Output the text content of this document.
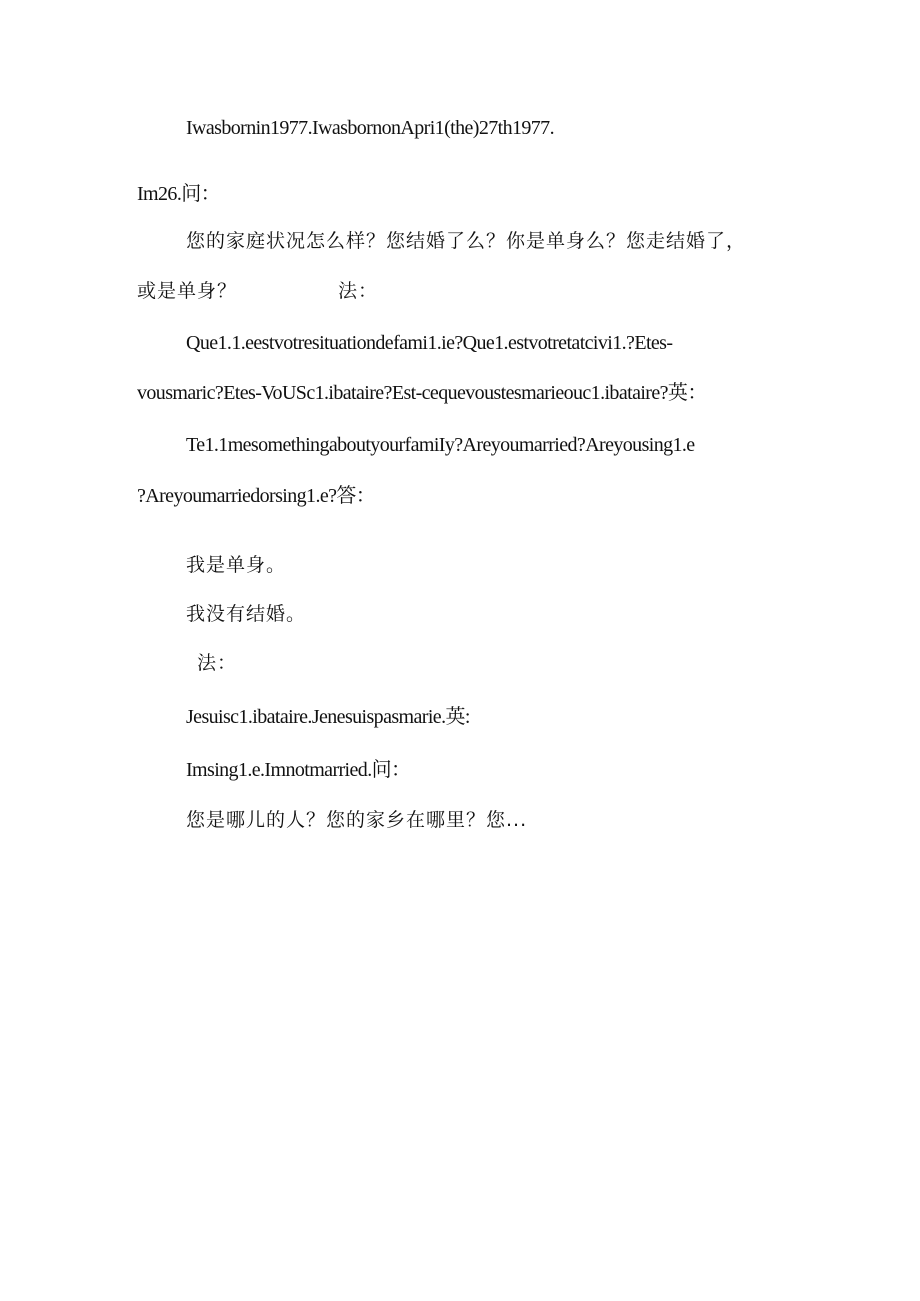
Iwasbornin1977.IwasbornonApri1(the)27th1977.
Im26.问：
您的家庭状况怎么样？您结婚了么？你是单身么？您走结婚了，
或是单身？	法：
Que1.1.eestvotresituationdefami1.ie?Que1.estvotretatcivi1.?Etes-
vousmaric?Etes-VoUSc1.ibataire?Est-cequevoustesmarieouc1.ibataire?英：
Te1.1mesomethingaboutyourfamiIy?Areyoumarried?Areyousing1.e
?Areyoumarriedorsing1.e?答：
我是单身。
我没有结婚。
法：
Jesuisc1.ibataire.Jenesuispasmarie.英:
Imsing1.e.Imnotmarried.问：
您是哪儿的人？您的家乡在哪里？您...
